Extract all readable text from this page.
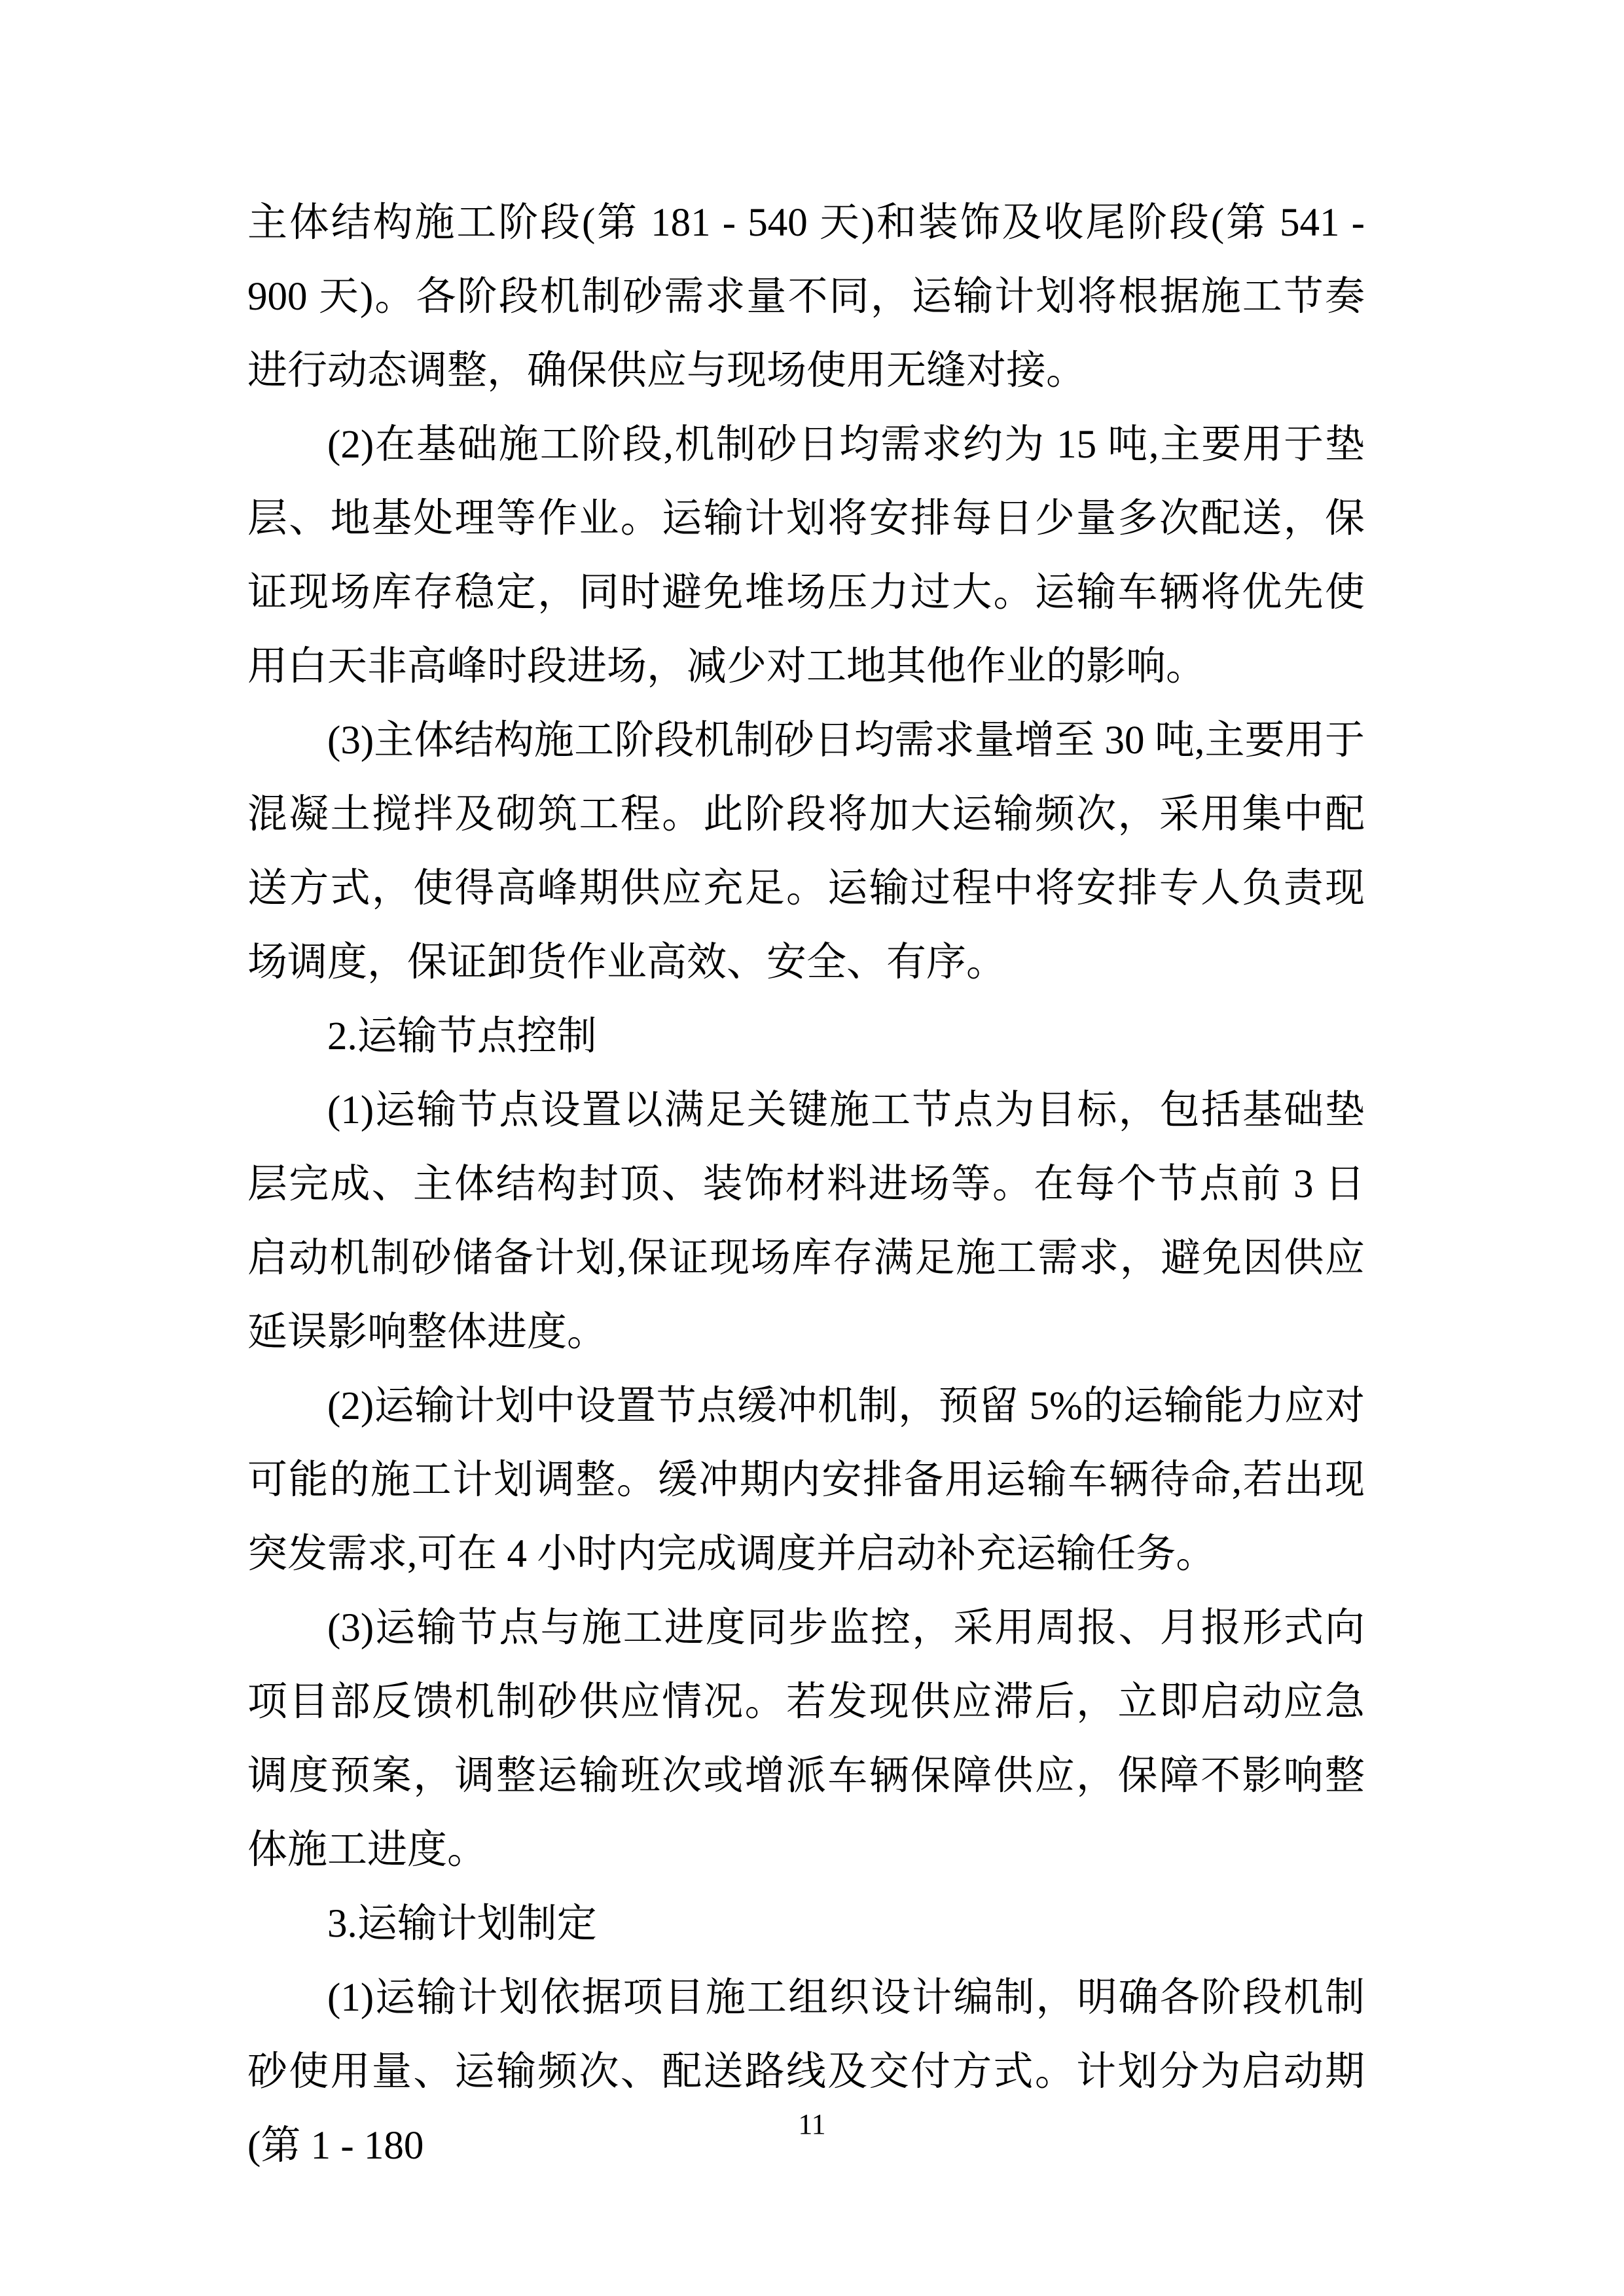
主体结构施工阶段(第 181 - 540 天)和装饰及收尾阶段(第 541 - 900 天)。各阶段机制砂需求量不同，运输计划将根据施工节奏进行动态调整，确保供应与现场使用无缝对接。

(2)在基础施工阶段,机制砂日均需求约为 15 吨,主要用于垫层、地基处理等作业。运输计划将安排每日少量多次配送，保证现场库存稳定，同时避免堆场压力过大。运输车辆将优先使用白天非高峰时段进场，减少对工地其他作业的影响。

(3)主体结构施工阶段机制砂日均需求量增至 30 吨,主要用于混凝土搅拌及砌筑工程。此阶段将加大运输频次，采用集中配送方式，使得高峰期供应充足。运输过程中将安排专人负责现场调度，保证卸货作业高效、安全、有序。

2.运输节点控制

(1)运输节点设置以满足关键施工节点为目标，包括基础垫层完成、主体结构封顶、装饰材料进场等。在每个节点前 3 日启动机制砂储备计划,保证现场库存满足施工需求，避免因供应延误影响整体进度。

(2)运输计划中设置节点缓冲机制，预留 5%的运输能力应对可能的施工计划调整。缓冲期内安排备用运输车辆待命,若出现突发需求,可在 4 小时内完成调度并启动补充运输任务。

(3)运输节点与施工进度同步监控，采用周报、月报形式向项目部反馈机制砂供应情况。若发现供应滞后，立即启动应急调度预案，调整运输班次或增派车辆保障供应，保障不影响整体施工进度。

3.运输计划制定

(1)运输计划依据项目施工组织设计编制，明确各阶段机制砂使用量、运输频次、配送路线及交付方式。计划分为启动期(第 1 - 180	11
